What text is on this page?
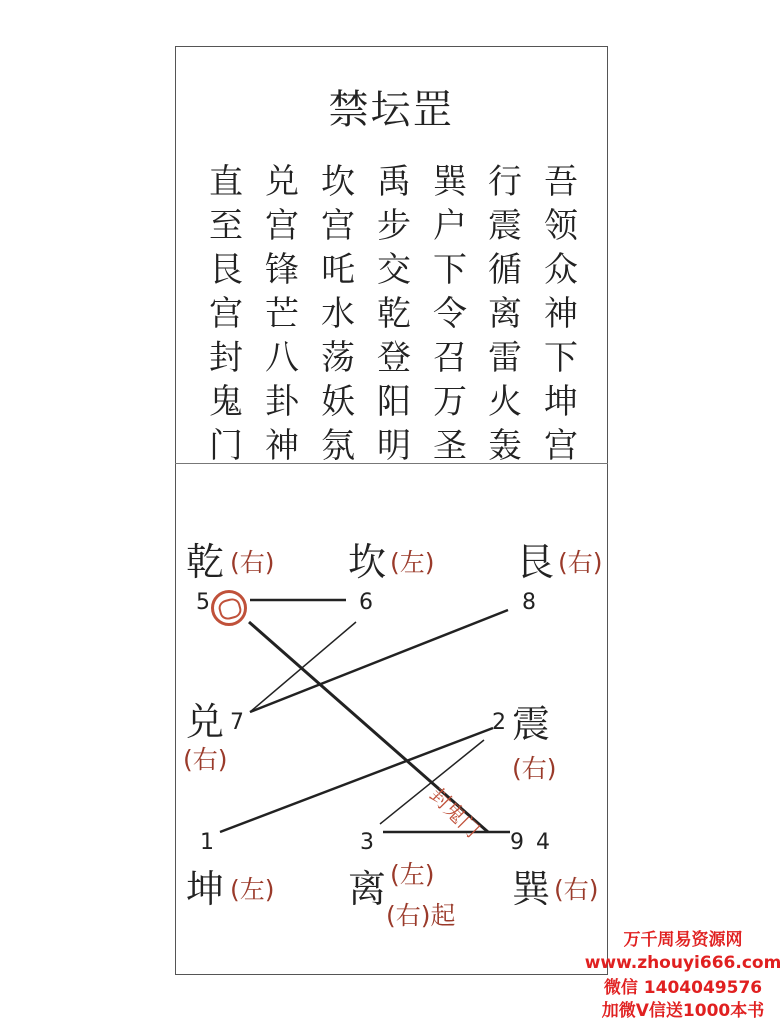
禁坛罡
吾领众神下坤宫
行震循离雷火轰
巽户下令召万圣
禹步交乾登阳明
坎宫吒水荡妖氛
兑宫锋芒八卦神
直至艮宫封鬼门
封鬼门
乾 (右)
5
坎 (左)
6
艮 (右)
8
兑 7
(右)
2 震
(右)
1
坤 (左)
3
离 (左)
(右)起
9 4
巽 (右)
万千周易资源网
www.zhouyi666.com
微信 1404049576
加微V信送1000本书
